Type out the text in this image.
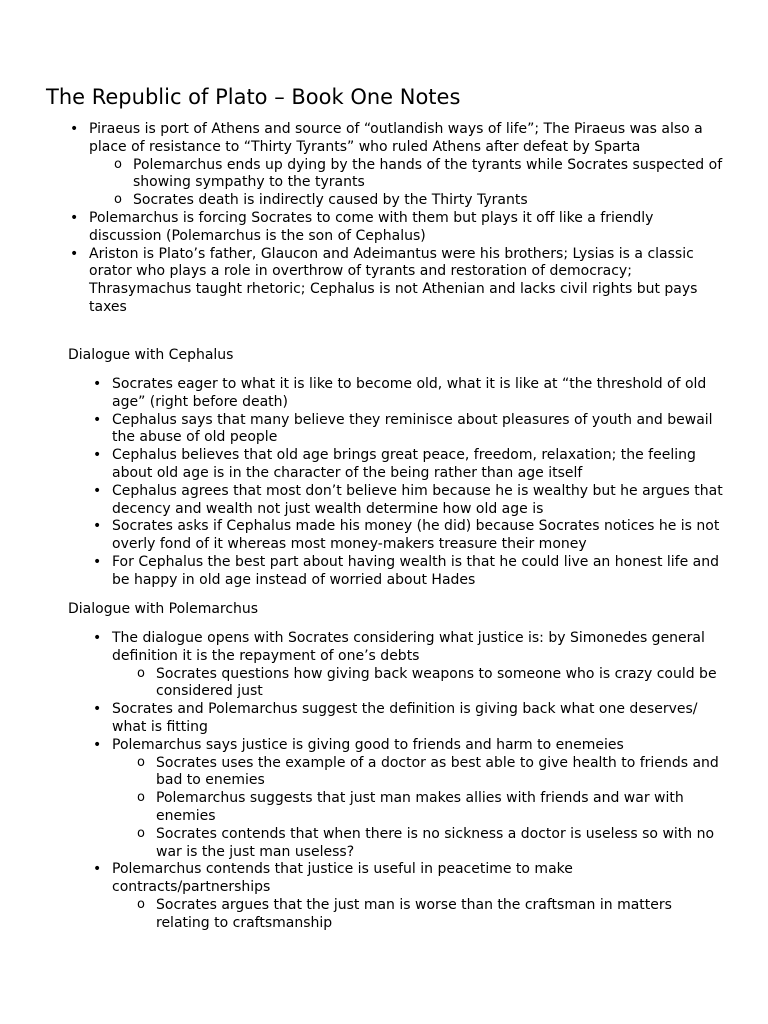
The Republic of Plato – Book One Notes
• Piraeus is port of Athens and source of “outlandish ways of life”; The Piraeus was also a place of resistance to “Thirty Tyrants” who ruled Athens after defeat by Sparta
o Polemarchus ends up dying by the hands of the tyrants while Socrates suspected of showing sympathy to the tyrants
o Socrates death is indirectly caused by the Thirty Tyrants
• Polemarchus is forcing Socrates to come with them but plays it off like a friendly discussion (Polemarchus is the son of Cephalus)
• Ariston is Plato’s father, Glaucon and Adeimantus were his brothers; Lysias is a classic orator who plays a role in overthrow of tyrants and restoration of democracy; Thrasymachus taught rhetoric; Cephalus is not Athenian and lacks civil rights but pays taxes
Dialogue with Cephalus
• Socrates eager to what it is like to become old, what it is like at “the threshold of old age” (right before death)
• Cephalus says that many believe they reminisce about pleasures of youth and bewail the abuse of old people
• Cephalus believes that old age brings great peace, freedom, relaxation; the feeling about old age is in the character of the being rather than age itself
• Cephalus agrees that most don’t believe him because he is wealthy but he argues that decency and wealth not just wealth determine how old age is
• Socrates asks if Cephalus made his money (he did) because Socrates notices he is not overly fond of it whereas most money-makers treasure their money
• For Cephalus the best part about having wealth is that he could live an honest life and be happy in old age instead of worried about Hades
Dialogue with Polemarchus
• The dialogue opens with Socrates considering what justice is: by Simonedes general definition it is the repayment of one’s debts
o Socrates questions how giving back weapons to someone who is crazy could be considered just
• Socrates and Polemarchus suggest the definition is giving back what one deserves/ what is fitting
• Polemarchus says justice is giving good to friends and harm to enemeies
o Socrates uses the example of a doctor as best able to give health to friends and bad to enemies
o Polemarchus suggests that just man makes allies with friends and war with enemies
o Socrates contends that when there is no sickness a doctor is useless so with no war is the just man useless?
• Polemarchus contends that justice is useful in peacetime to make contracts/partnerships
o Socrates argues that the just man is worse than the craftsman in matters relating to craftsmanship
